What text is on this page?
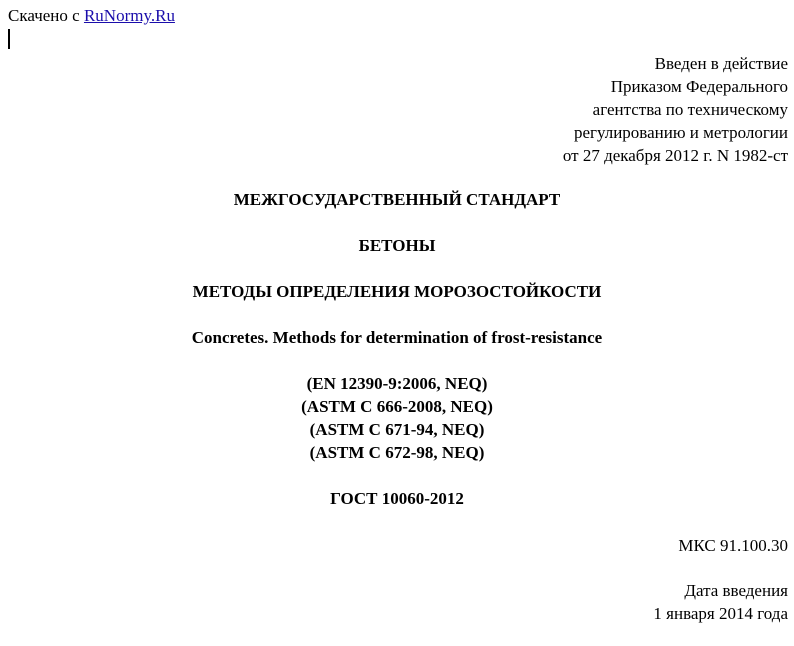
Скачено с RuNormy.Ru
Введен в действие
Приказом Федерального
агентства по техническому
регулированию и метрологии
от 27 декабря 2012 г. N 1982-ст
МЕЖГОСУДАРСТВЕННЫЙ СТАНДАРТ
БЕТОНЫ
МЕТОДЫ ОПРЕДЕЛЕНИЯ МОРОЗОСТОЙКОСТИ
Concretes. Methods for determination of frost-resistance
(EN 12390-9:2006, NEQ)
(ASTM C 666-2008, NEQ)
(ASTM C 671-94, NEQ)
(ASTM C 672-98, NEQ)
ГОСТ 10060-2012
МКС 91.100.30
Дата введения
1 января 2014 года
